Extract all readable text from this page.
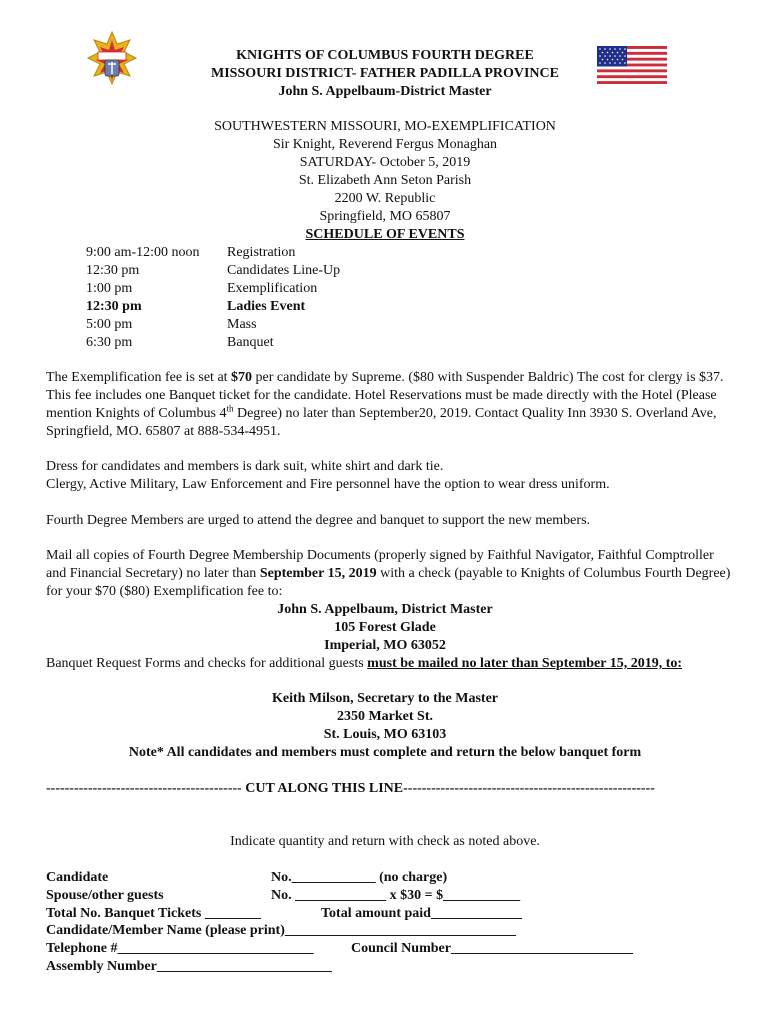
KNIGHTS OF COLUMBUS FOURTH DEGREE
MISSOURI DISTRICT- FATHER PADILLA PROVINCE
John S. Appelbaum-District Master
SOUTHWESTERN MISSOURI, MO-EXEMPLIFICATION
Sir Knight, Reverend Fergus Monaghan
SATURDAY- October 5, 2019
St. Elizabeth Ann Seton Parish
2200 W. Republic
Springfield, MO 65807
SCHEDULE OF EVENTS
9:00 am-12:00 noon Registration
12:30 pm	Candidates Line-Up
1:00 pm	Exemplification
12:30 pm	Ladies Event
5:00 pm	Mass
6:30 pm	Banquet
The Exemplification fee is set at $70 per candidate by Supreme. ($80 with Suspender Baldric) The cost for clergy is $37. This fee includes one Banquet ticket for the candidate. Hotel Reservations must be made directly with the Hotel (Please mention Knights of Columbus 4th Degree) no later than September20, 2019. Contact Quality Inn 3930 S. Overland Ave, Springfield, MO. 65807 at 888-534-4951.
Dress for candidates and members is dark suit, white shirt and dark tie.
Clergy, Active Military, Law Enforcement and Fire personnel have the option to wear dress uniform.
Fourth Degree Members are urged to attend the degree and banquet to support the new members.
Mail all copies of Fourth Degree Membership Documents (properly signed by Faithful Navigator, Faithful Comptroller and Financial Secretary) no later than September 15, 2019 with a check (payable to Knights of Columbus Fourth Degree) for your $70 ($80) Exemplification fee to:
John S. Appelbaum, District Master
105 Forest Glade
Imperial, MO 63052
Banquet Request Forms and checks for additional guests must be mailed no later than September 15, 2019, to:
Keith Milson, Secretary to the Master
2350 Market St.
St. Louis, MO 63103
Note* All candidates and members must complete and return the below banquet form
------------------------------------------ CUT ALONG THIS LINE------------------------------------------------------
Indicate quantity and return with check as noted above.
Candidate	No.____________ (no charge)
Spouse/other guests	No. _____________ x $30 = $___________
Total No. Banquet Tickets ________	Total amount paid_____________
Candidate/Member Name (please print)_________________________________
Telephone #____________________________	Council Number__________________________
Assembly Number_________________________
